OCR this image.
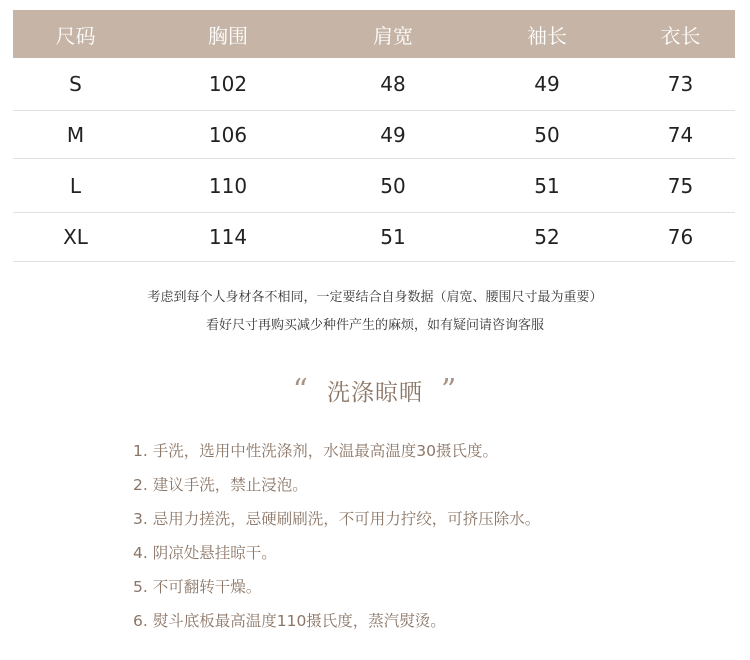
尺码	胸围	肩宽	袖长	衣长
S	102	48	49	73
M	106	49	50	74
L	110	50	51	75
XL	114	51	52	76
考虑到每个人身材各不相同，一定要结合自身数据（肩宽、腰围尺寸最为重要）
看好尺寸再购买减少种件产生的麻烦，如有疑问请咨询客服
“ 洗涤晾晒 ”
1. 手洗，选用中性洗涤剂，水温最高温度30摄氏度。
2. 建议手洗，禁止浸泡。
3. 忌用力搓洗，忌硬刷刷洗，不可用力拧绞，可挤压除水。
4. 阴凉处悬挂晾干。
5. 不可翻转干燥。
6. 熨斗底板最高温度110摄氏度，蒸汽熨烫。
